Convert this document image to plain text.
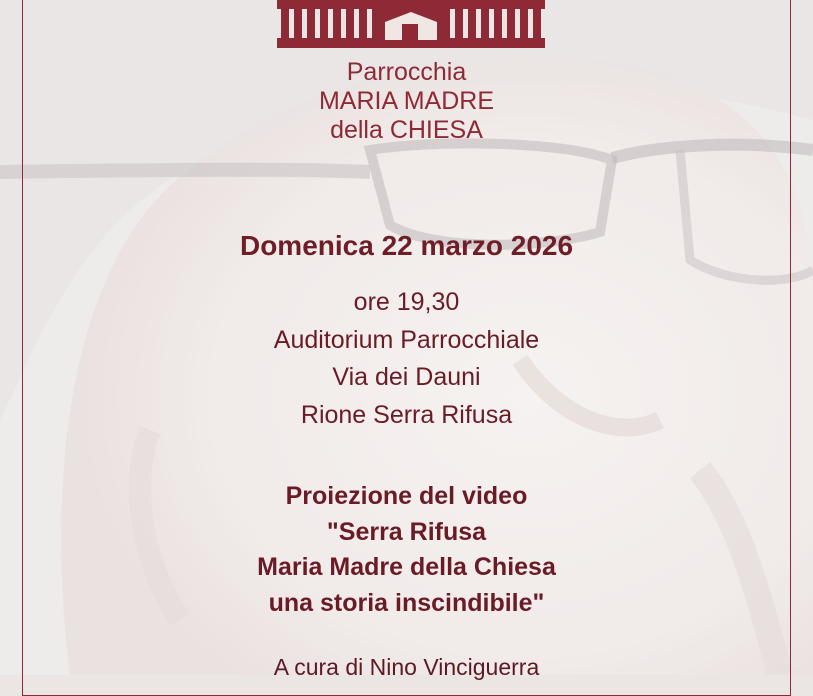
Parrocchia
MARIA MADRE
della CHIESA
Domenica 22 marzo 2026
ore 19,30
Auditorium Parrocchiale
Via dei Dauni
Rione Serra Rifusa
Proiezione del video
"Serra Rifusa
Maria Madre della Chiesa
una storia inscindibile"
A cura di Nino Vinciguerra
